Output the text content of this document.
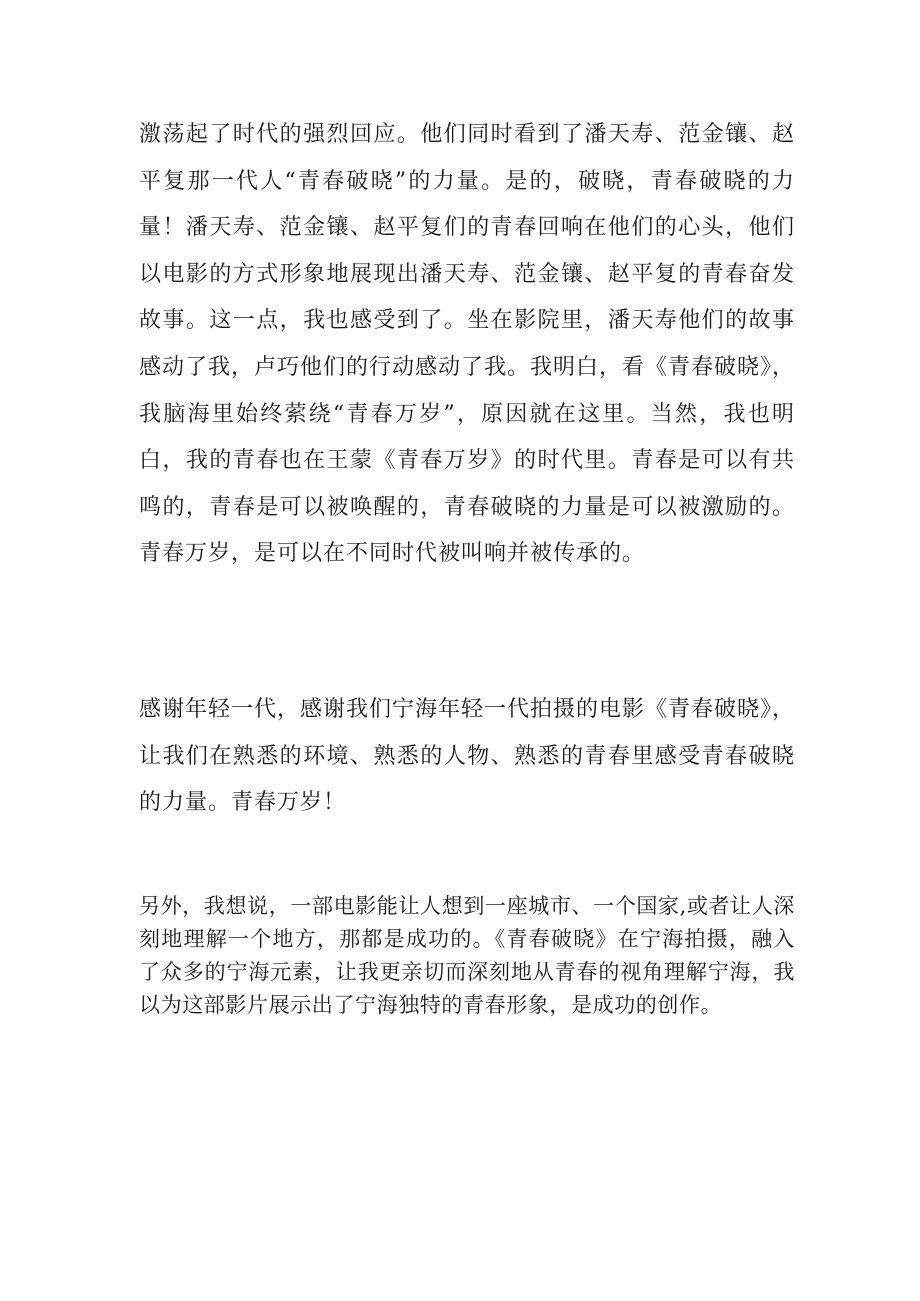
激荡起了时代的强烈回应。他们同时看到了潘天寿、范金镶、赵平复那一代人“青春破晓”的力量。是的，破晓，青春破晓的力量！潘天寿、范金镶、赵平复们的青春回响在他们的心头，他们以电影的方式形象地展现出潘天寿、范金镶、赵平复的青春奋发故事。这一点，我也感受到了。坐在影院里，潘天寿他们的故事感动了我，卢巧他们的行动感动了我。我明白，看《青春破晓》，我脑海里始终萦绕“青春万岁”，原因就在这里。当然，我也明白，我的青春也在王蒙《青春万岁》的时代里。青春是可以有共鸣的，青春是可以被唤醒的，青春破晓的力量是可以被激励的。青春万岁，是可以在不同时代被叫响并被传承的。

感谢年轻一代，感谢我们宁海年轻一代拍摄的电影《青春破晓》，让我们在熟悉的环境、熟悉的人物、熟悉的青春里感受青春破晓的力量。青春万岁！

另外，我想说，一部电影能让人想到一座城市、一个国家,或者让人深刻地理解一个地方，那都是成功的。《青春破晓》在宁海拍摄，融入了众多的宁海元素，让我更亲切而深刻地从青春的视角理解宁海，我以为这部影片展示出了宁海独特的青春形象，是成功的创作。
